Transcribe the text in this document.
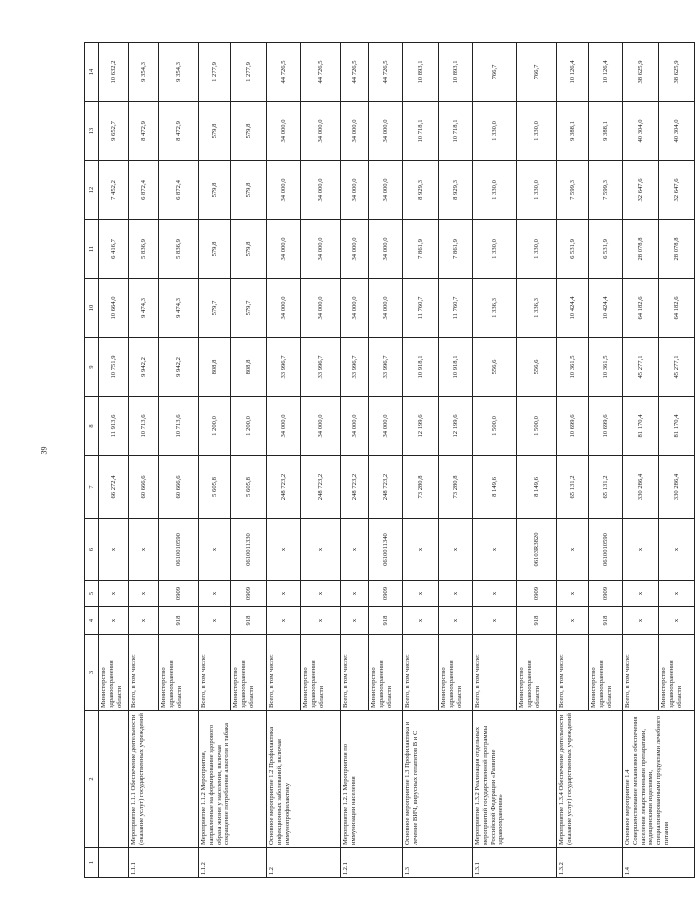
39
1	2	3	4	5	6	7	8	9	10	11	12	13	14
		Министерство здравоохранения области	х	х	х	66 272,4	11 913,6	10 751,9	10 664,0	6 416,7	7 452,2	9 652,7	10 632,2
1.1.1	Мероприятие 1.1.1 Обеспечение деятельности (оказание услуг) государственных учреждений	Всего, в том числе:	х	х	х	60 666,6	10 713,6	9 942,2	9 474,3	5 836,9	6 872,4	8 472,9	9 354,3
		Министерство здравоохранения области	918	0909	0610010590	60 666,6	10 713,6	9 942,2	9 474,3	5 836,9	6 872,4	8 472,9	9 354,3
1.1.2	Мероприятие 1.1.2 Мероприятия, направленные на формирование здорового образа жизни у населения, включая сокращение потребления алкоголя и табака	Всего, в том числе:	х	х	х	5 605,8	1 200,0	808,8	579,7	579,8	579,8	579,8	1 277,9
		Министерство здравоохранения области	918	0909	0610011330	5 605,8	1 200,0	808,8	579,7	579,8	579,8	579,8	1 277,9
1.2	Основное мероприятие 1.2 Профилактика инфекционных заболеваний, включая иммунопрофилактику	Всего, в том числе:	х	х	х	248 723,2	34 000,0	33 996,7	34 000,0	34 000,0	34 000,0	34 000,0	44 726,5
		Министерство здравоохранения области	х	х	х	248 723,2	34 000,0	33 996,7	34 000,0	34 000,0	34 000,0	34 000,0	44 726,5
1.2.1	Мероприятие 1.2.1 Мероприятия по иммунизации населения	Всего, в том числе:	х	х	х	248 723,2	34 000,0	33 996,7	34 000,0	34 000,0	34 000,0	34 000,0	44 726,5
		Министерство здравоохранения области	918	0909	0610011340	248 723,2	34 000,0	33 996,7	34 000,0	34 000,0	34 000,0	34 000,0	44 726,5
1.3	Основное мероприятие 1.3 Профилактика и лечение ВИЧ, вирусных гепатитов В и С	Всего, в том числе:	х	х	х	73 280,8	12 199,6	10 918,1	11 760,7	7 861,9	8 929,3	10 718,1	10 893,1
		Министерство здравоохранения области	х	х	х	73 280,8	12 199,6	10 918,1	11 760,7	7 861,9	8 929,3	10 718,1	10 893,1
1.3.1	Мероприятие 1.3.2 Реализация отдельных мероприятий государственной программы Российской Федерации «Развитие здравоохранения»	Всего, в том числе:	х	х	х	8 149,6	1 500,0	556,6	1 336,3	1 330,0	1 330,0	1 330,0	766,7
		Министерство здравоохранения области	918	0909	06103R3820	8 149,6	1 500,0	556,6	1 336,3	1 330,0	1 330,0	1 330,0	766,7
1.3.2	Мероприятие 1.3.4 Обеспечение деятельности (оказание услуг) государственных учреждений	Всего, в том числе:	х	х	х	65 131,2	10 699,6	10 361,5	10 424,4	6 531,9	7 599,3	9 388,1	10 126,4
		Министерство здравоохранения области	918	0909	0610010590	65 131,2	10 699,6	10 361,5	10 424,4	6 531,9	7 599,3	9 388,1	10 126,4
1.4	Основное мероприятие 1.4 Совершенствование механизмов обеспечения населения лекарственными препаратами, медицинскими изделиями, специализированными продуктами лечебного питания	Всего, в том числе:	х	х	х	330 286,4	81 170,4	45 277,1	64 182,6	28 078,8	32 647,6	40 304,0	38 625,9
		Министерство здравоохранения области	х	х	х	330 286,4	81 170,4	45 277,1	64 182,6	28 078,8	32 647,6	40 304,0	38 625,9
